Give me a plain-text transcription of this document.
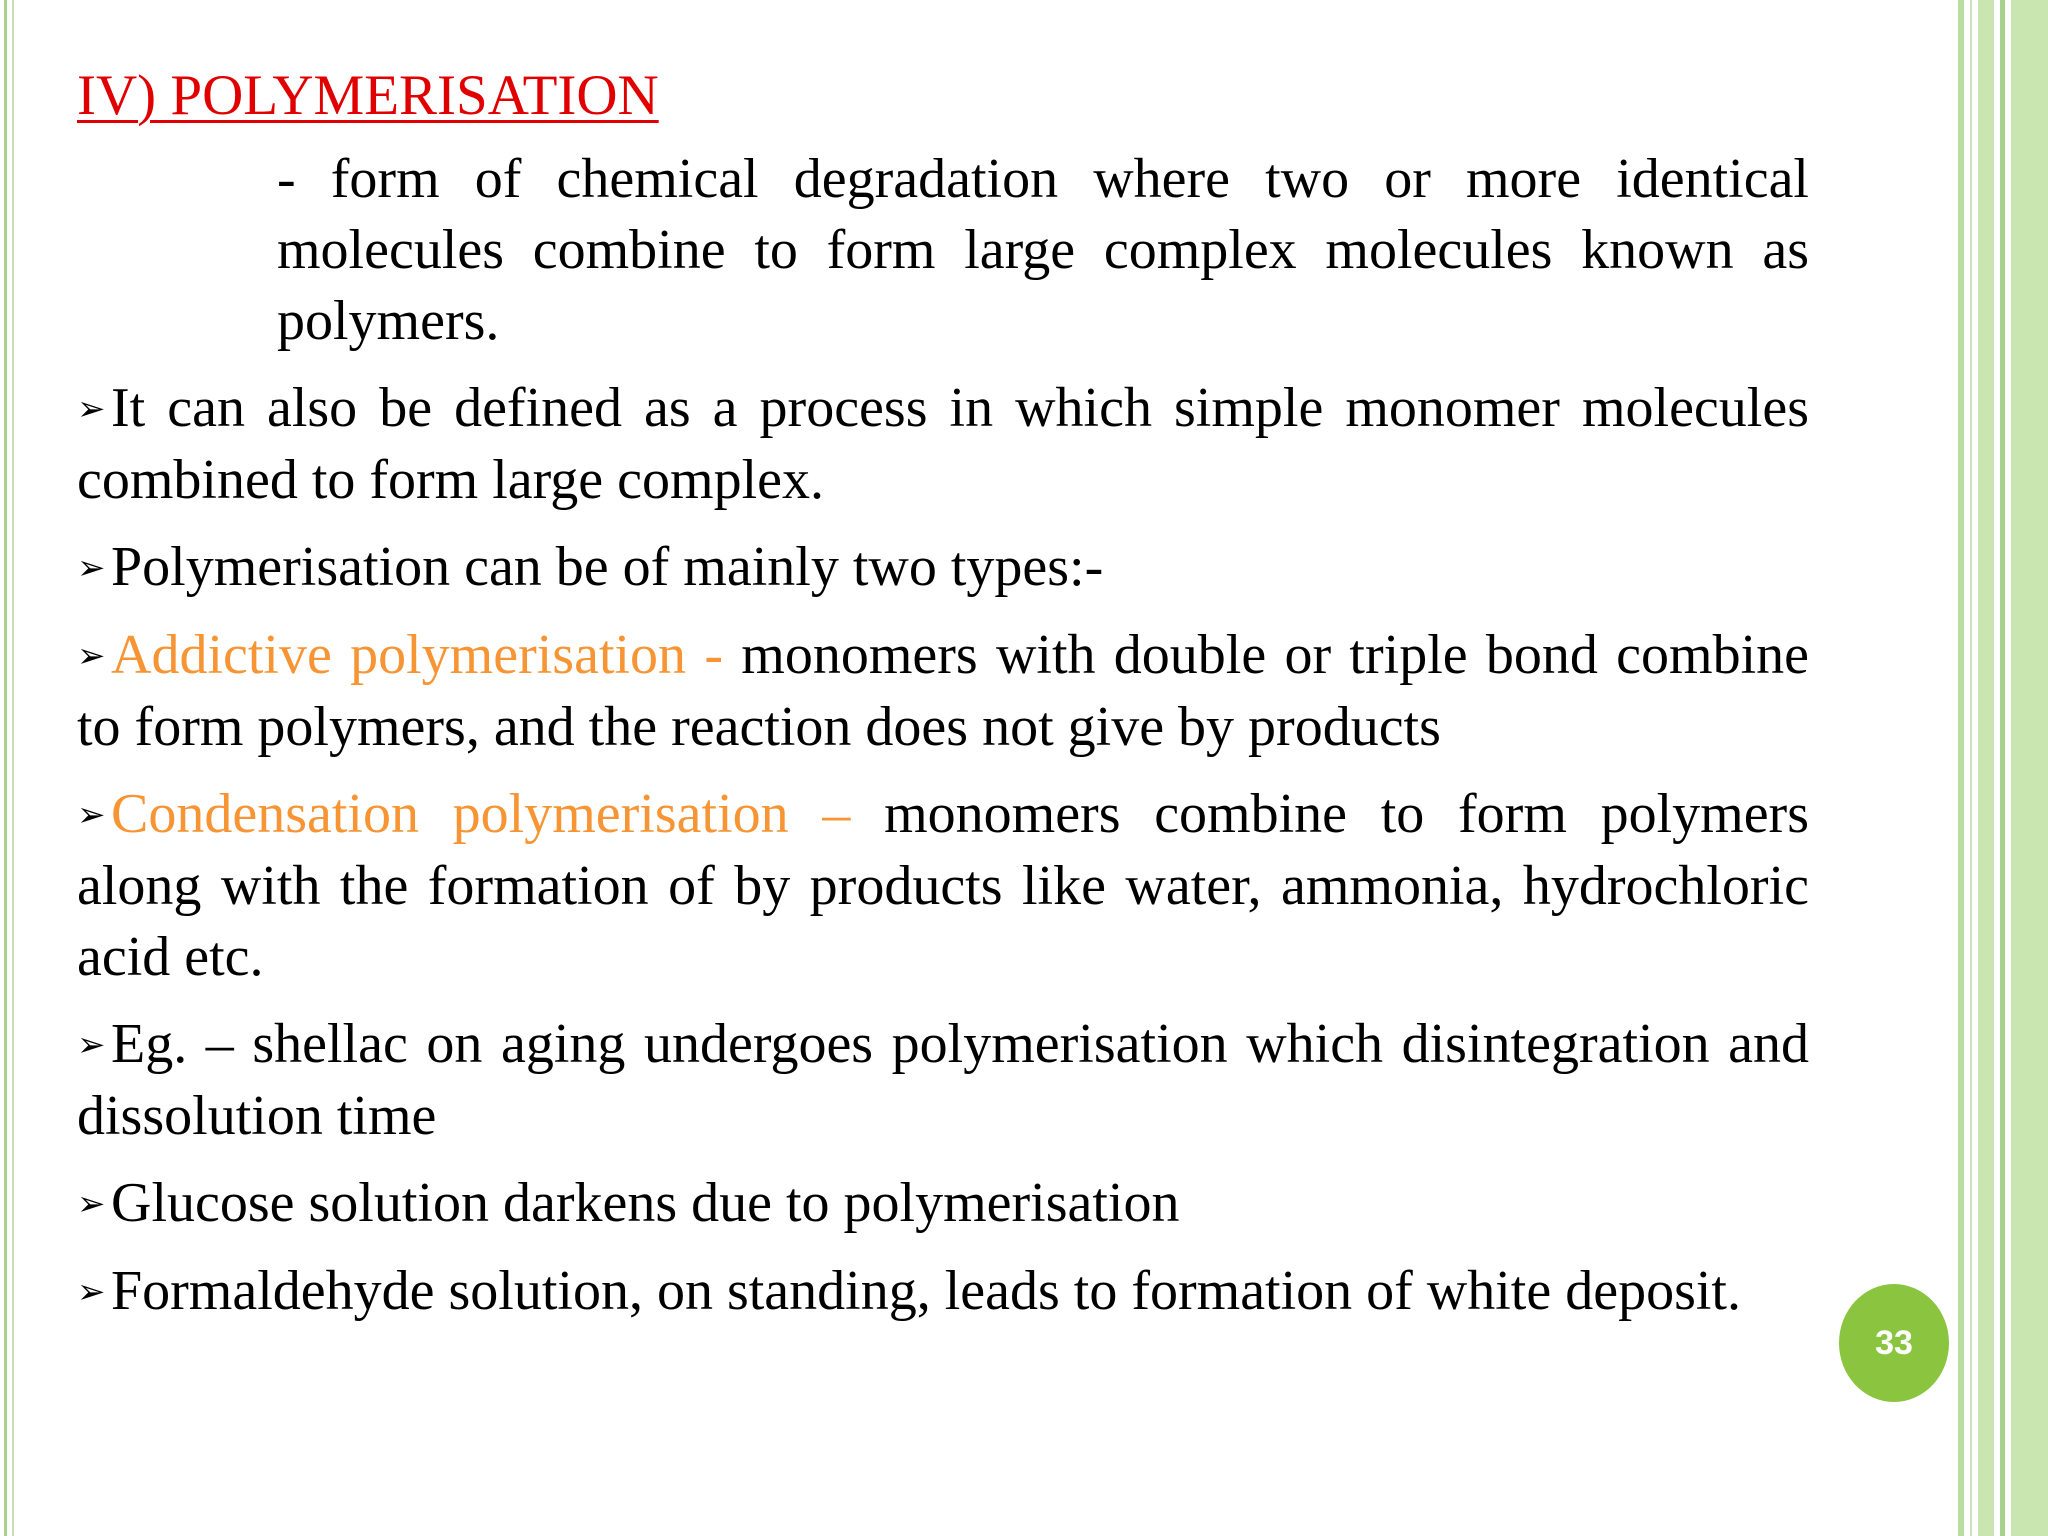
IV) POLYMERISATION

- form of chemical degradation where two or more identical molecules combine to form large complex molecules known as polymers.

➢It can also be defined as a process in which simple monomer molecules combined to form large complex.

➢Polymerisation can be of mainly two types:-

➢Addictive polymerisation - monomers with double or triple bond combine to form polymers, and the reaction does not give by products

➢Condensation polymerisation – monomers combine to form polymers along with the formation of by products like water, ammonia, hydrochloric acid etc.

➢Eg. – shellac on aging undergoes polymerisation which disintegration and dissolution time

➢Glucose solution darkens due to polymerisation

➢Formaldehyde solution, on standing, leads to formation of white deposit.

33
